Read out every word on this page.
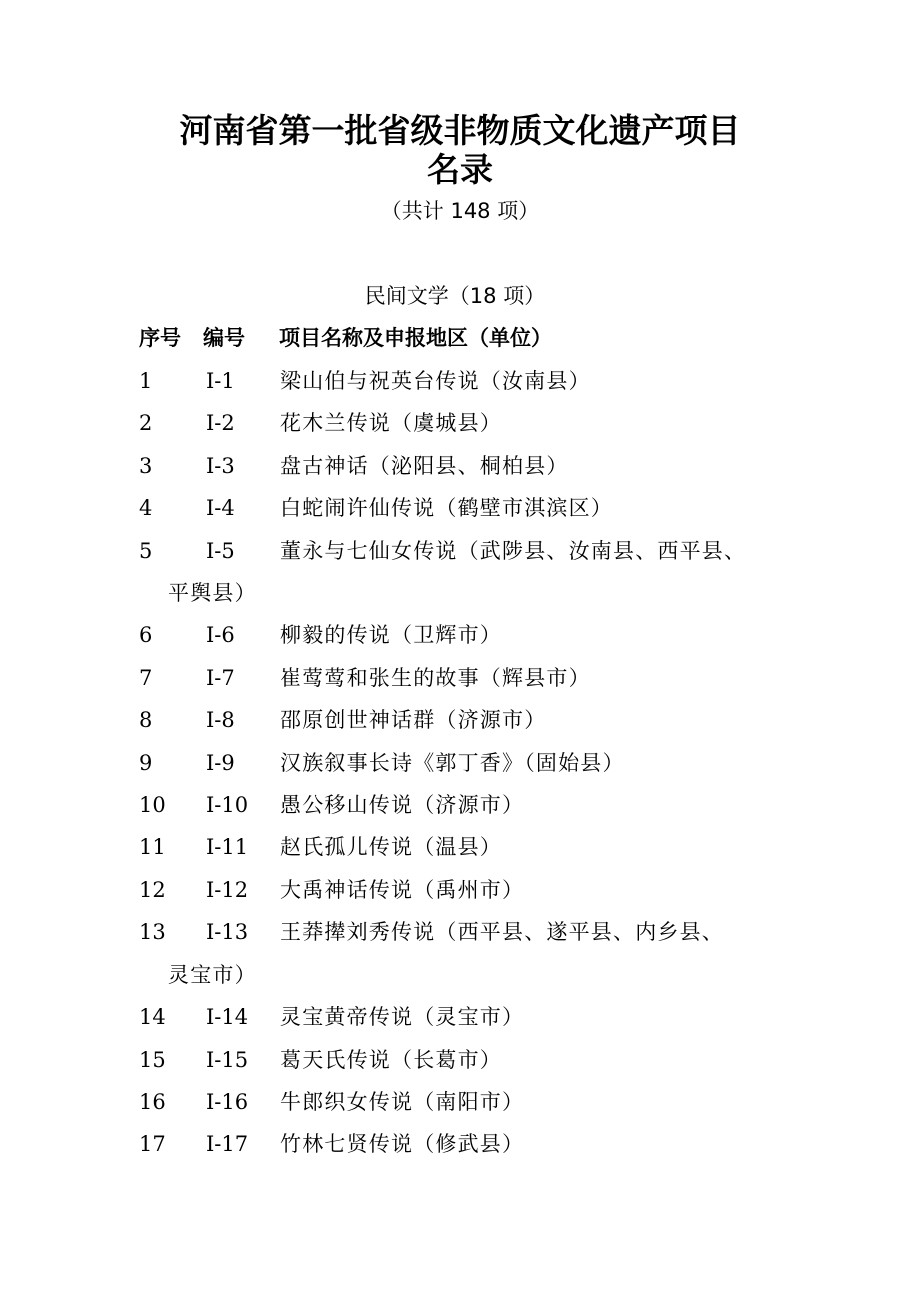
河南省第一批省级非物质文化遗产项目
名录
（共计 148 项）
民间文学（18 项）
序号 编号 项目名称及申报地区（单位）
1	I-1 梁山伯与祝英台传说（汝南县）
2	I-2 花木兰传说（虞城县）
3	I-3 盘古神话（泌阳县、桐柏县）
4	I-4 白蛇闹许仙传说（鹤壁市淇滨区）
5	I-5 董永与七仙女传说（武陟县、汝南县、西平县、
平舆县）
6	I-6 柳毅的传说（卫辉市）
7	I-7 崔莺莺和张生的故事（辉县市）
8	I-8 邵原创世神话群（济源市）
9	I-9 汉族叙事长诗《郭丁香》（固始县）
10 I-10 愚公移山传说（济源市）
11 I-11 赵氏孤儿传说（温县）
12 I-12 大禹神话传说（禹州市）
13 I-13 王莽撵刘秀传说（西平县、遂平县、内乡县、
灵宝市）
14 I-14 灵宝黄帝传说（灵宝市）
15 I-15 葛天氏传说（长葛市）
16 I-16 牛郎织女传说（南阳市）
17 I-17 竹林七贤传说（修武县）
